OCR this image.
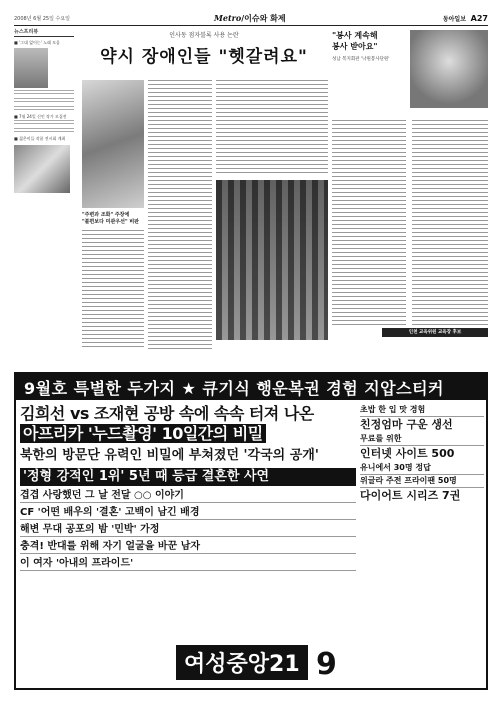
2008년 6월 25일 수요일	Metro/이슈와 화제	동아일보 A27
뉴스프리뷰
■ '그대 없이는' 노래 모음
■ 7월 24일 신인 작가 모집전
■ 젊은이들 작품 전시회 개최
인사동 점자블록 사용 논란
약시 장애인들 "헷갈려요"
"주변과 조화" 주장에
"불편보다 미관우선" 비판
"봉사 계속해
봉사 받아요"
성남 복지회관 '낙원봉사단원'
인천 교육위원 교육장 후보
9월호 특별한 두가지 ★ 큐기식 행운복권 경험 지압스티커
김희선 vs 조재현 공방 속에 속속 터져 나온
아프리카 '누드촬영' 10일간의 비밀
북한의 방문단 유력인 비밀에 부쳐졌던 '각국의 공개'
'정형 강적인 1위' 5년 때 등급 결혼한 사연
겹겹 사랑했던 그 날 전달 ○○ 이야기
CF '어떤 배우의 '결혼' 고백이 남긴 배경
해변 무대 공포의 밤 '민박' 가정
충격! 반대를 위해 자기 얼굴을 바꾼 남자
이 여자 '아내의 프라이드'
초밥 한 입 맛 경험
친정엄마 구운 생선
무료를 위한
인터넷 사이트 500
유니에서 30명 정답
위글라 주전 프라이팬 50명
다이어트 시리즈 7권
여성중앙21 9
